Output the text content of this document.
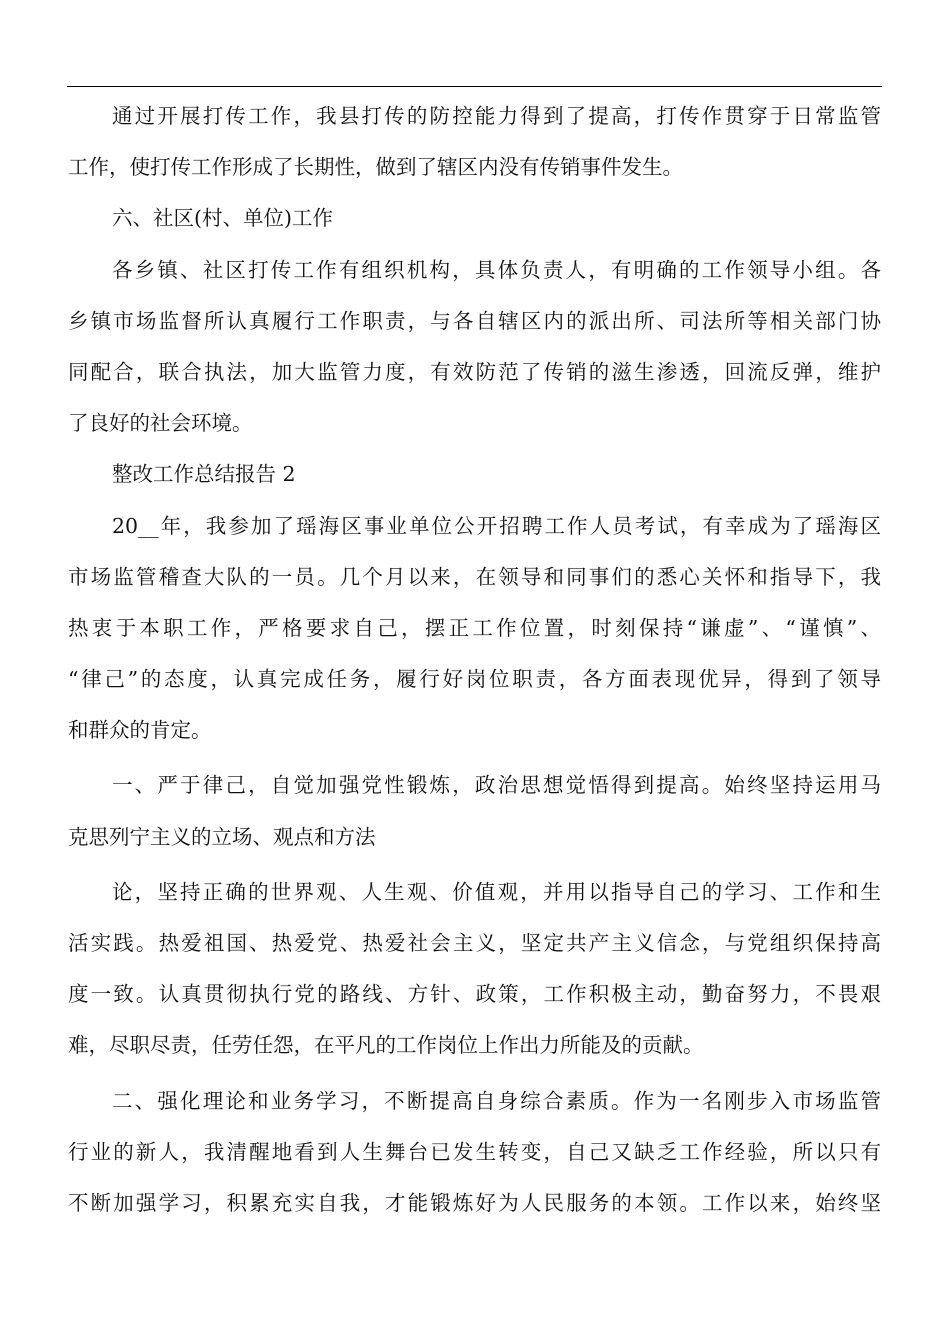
通过开展打传工作，我县打传的防控能力得到了提高，打传作贯穿于日常监管
工作，使打传工作形成了长期性，做到了辖区内没有传销事件发生。
六、社区(村、单位)工作
各乡镇、社区打传工作有组织机构，具体负责人，有明确的工作领导小组。各
乡镇市场监督所认真履行工作职责，与各自辖区内的派出所、司法所等相关部门协
同配合，联合执法，加大监管力度，有效防范了传销的滋生渗透，回流反弹，维护
了良好的社会环境。
整改工作总结报告 2
20__年，我参加了瑶海区事业单位公开招聘工作人员考试，有幸成为了瑶海区
市场监管稽查大队的一员。几个月以来，在领导和同事们的悉心关怀和指导下，我
热衷于本职工作，严格要求自己，摆正工作位置，时刻保持“谦虚”、“谨慎”、
“律己”的态度，认真完成任务，履行好岗位职责，各方面表现优异，得到了领导
和群众的肯定。
一、严于律己，自觉加强党性锻炼，政治思想觉悟得到提高。始终坚持运用马
克思列宁主义的立场、观点和方法
论，坚持正确的世界观、人生观、价值观，并用以指导自己的学习、工作和生
活实践。热爱祖国、热爱党、热爱社会主义，坚定共产主义信念，与党组织保持高
度一致。认真贯彻执行党的路线、方针、政策，工作积极主动，勤奋努力，不畏艰
难，尽职尽责，任劳任怨，在平凡的工作岗位上作出力所能及的贡献。
二、强化理论和业务学习，不断提高自身综合素质。作为一名刚步入市场监管
行业的新人，我清醒地看到人生舞台已发生转变，自己又缺乏工作经验，所以只有
不断加强学习，积累充实自我，才能锻炼好为人民服务的本领。工作以来，始终坚
